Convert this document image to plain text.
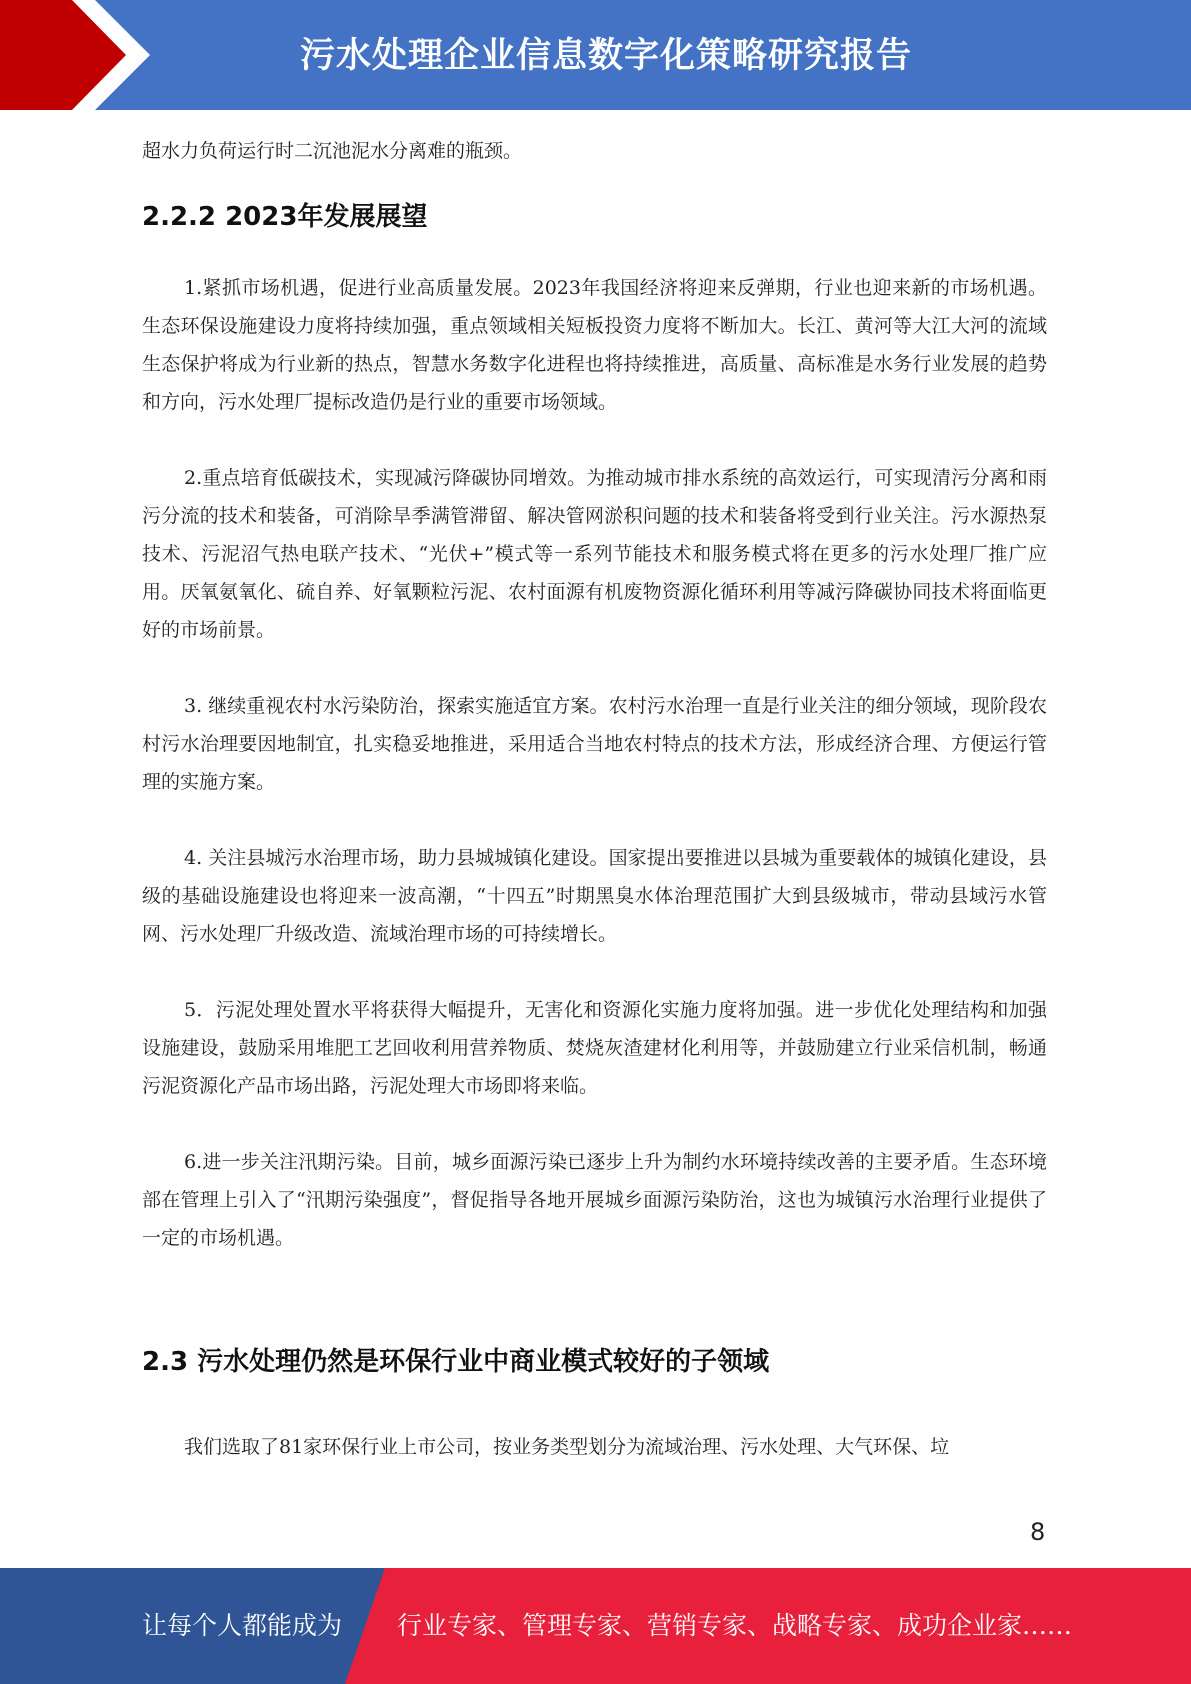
污水处理企业信息数字化策略研究报告

超水力负荷运行时二沉池泥水分离难的瓶颈。

2.2.2 2023年发展展望

1.紧抓市场机遇，促进行业高质量发展。2023年我国经济将迎来反弹期，行业也迎来新的市场机遇。生态环保设施建设力度将持续加强，重点领域相关短板投资力度将不断加大。长江、黄河等大江大河的流域生态保护将成为行业新的热点，智慧水务数字化进程也将持续推进，高质量、高标准是水务行业发展的趋势和方向，污水处理厂提标改造仍是行业的重要市场领域。

2.重点培育低碳技术，实现减污降碳协同增效。为推动城市排水系统的高效运行，可实现清污分离和雨污分流的技术和装备，可消除旱季满管滞留、解决管网淤积问题的技术和装备将受到行业关注。污水源热泵技术、污泥沼气热电联产技术、“光伏+”模式等一系列节能技术和服务模式将在更多的污水处理厂推广应用。厌氧氨氧化、硫自养、好氧颗粒污泥、农村面源有机废物资源化循环利用等减污降碳协同技术将面临更好的市场前景。

3. 继续重视农村水污染防治，探索实施适宜方案。农村污水治理一直是行业关注的细分领域，现阶段农村污水治理要因地制宜，扎实稳妥地推进，采用适合当地农村特点的技术方法，形成经济合理、方便运行管理的实施方案。

4. 关注县城污水治理市场，助力县城城镇化建设。国家提出要推进以县城为重要载体的城镇化建设，县级的基础设施建设也将迎来一波高潮，“十四五”时期黑臭水体治理范围扩大到县级城市，带动县域污水管网、污水处理厂升级改造、流域治理市场的可持续增长。

5．污泥处理处置水平将获得大幅提升，无害化和资源化实施力度将加强。进一步优化处理结构和加强设施建设，鼓励采用堆肥工艺回收利用营养物质、焚烧灰渣建材化利用等，并鼓励建立行业采信机制，畅通污泥资源化产品市场出路，污泥处理大市场即将来临。

6.进一步关注汛期污染。目前，城乡面源污染已逐步上升为制约水环境持续改善的主要矛盾。生态环境部在管理上引入了“汛期污染强度”，督促指导各地开展城乡面源污染防治，这也为城镇污水治理行业提供了一定的市场机遇。

2.3 污水处理仍然是环保行业中商业模式较好的子领域

我们选取了81家环保行业上市公司，按业务类型划分为流域治理、污水处理、大气环保、垃

8
让每个人都能成为 行业专家、管理专家、营销专家、战略专家、成功企业家……
